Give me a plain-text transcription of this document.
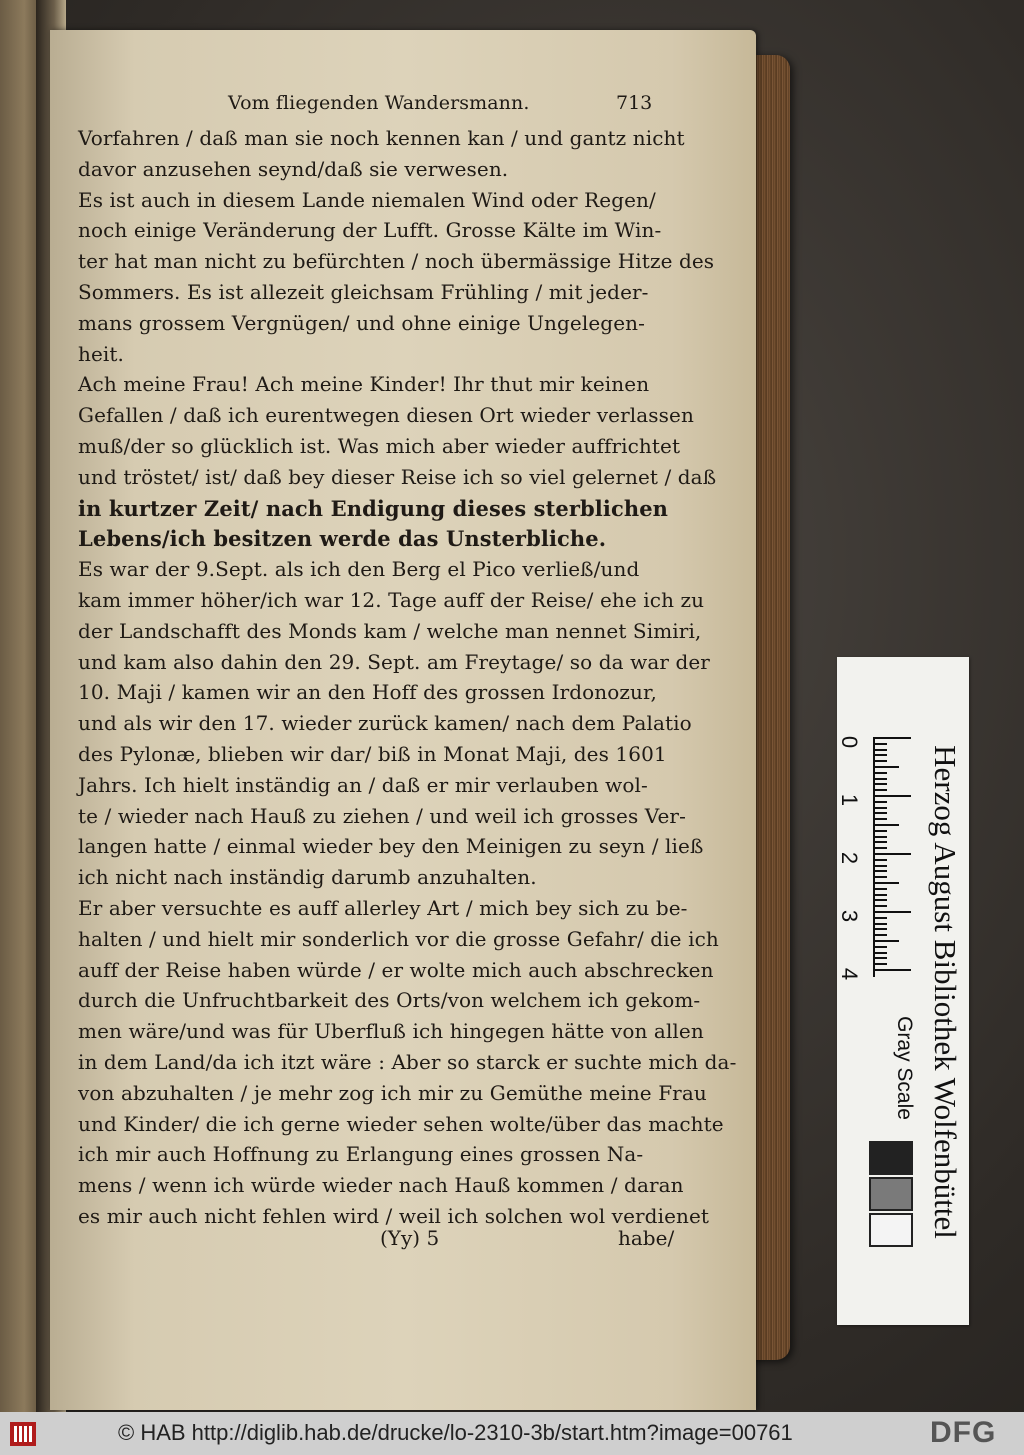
Vom fliegenden Wandersmann.	713
Vorfahren / daß man sie noch kennen kan / und gantz nicht
davor anzusehen seynd/daß sie verwesen.
Es ist auch in diesem Lande niemalen Wind oder Regen/
noch einige Veränderung der Lufft. Grosse Kälte im Win-
ter hat man nicht zu befürchten / noch übermässige Hitze des
Sommers. Es ist allezeit gleichsam Frühling / mit jeder-
mans grossem Vergnügen/ und ohne einige Ungelegen-
heit.
Ach meine Frau! Ach meine Kinder! Ihr thut mir keinen
Gefallen / daß ich eurentwegen diesen Ort wieder verlassen
muß/der so glücklich ist. Was mich aber wieder auffrichtet
und tröstet/ ist/ daß bey dieser Reise ich so viel gelernet / daß
in kurtzer Zeit/ nach Endigung dieses sterblichen
Lebens/ich besitzen werde das Unsterbliche.
Es war der 9.Sept. als ich den Berg el Pico verließ/und
kam immer höher/ich war 12. Tage auff der Reise/ ehe ich zu
der Landschafft des Monds kam / welche man nennet Simiri,
und kam also dahin den 29. Sept. am Freytage/ so da war der
10. Maji / kamen wir an den Hoff des grossen Irdonozur,
und als wir den 17. wieder zurück kamen/ nach dem Palatio
des Pylonæ, blieben wir dar/ biß in Monat Maji, des 1601
Jahrs. Ich hielt inständig an / daß er mir verlauben wol-
te / wieder nach Hauß zu ziehen / und weil ich grosses Ver-
langen hatte / einmal wieder bey den Meinigen zu seyn / ließ
ich nicht nach inständig darumb anzuhalten.
Er aber versuchte es auff allerley Art / mich bey sich zu be-
halten / und hielt mir sonderlich vor die grosse Gefahr/ die ich
auff der Reise haben würde / er wolte mich auch abschrecken
durch die Unfruchtbarkeit des Orts/von welchem ich gekom-
men wäre/und was für Uberfluß ich hingegen hätte von allen
in dem Land/da ich itzt wäre : Aber so starck er suchte mich da-
von abzuhalten / je mehr zog ich mir zu Gemüthe meine Frau
und Kinder/ die ich gerne wieder sehen wolte/über das machte
ich mir auch Hoffnung zu Erlangung eines grossen Na-
mens / wenn ich würde wieder nach Hauß kommen / daran
es mir auch nicht fehlen wird / weil ich solchen wol verdienet
(Yy) 5	habe/
0
1
2
3
4 Herzog August Bibliothek Wolfenbüttel
Gray Scale
© HAB http://diglib.hab.de/drucke/lo-2310-3b/start.htm?image=00761	DFG
